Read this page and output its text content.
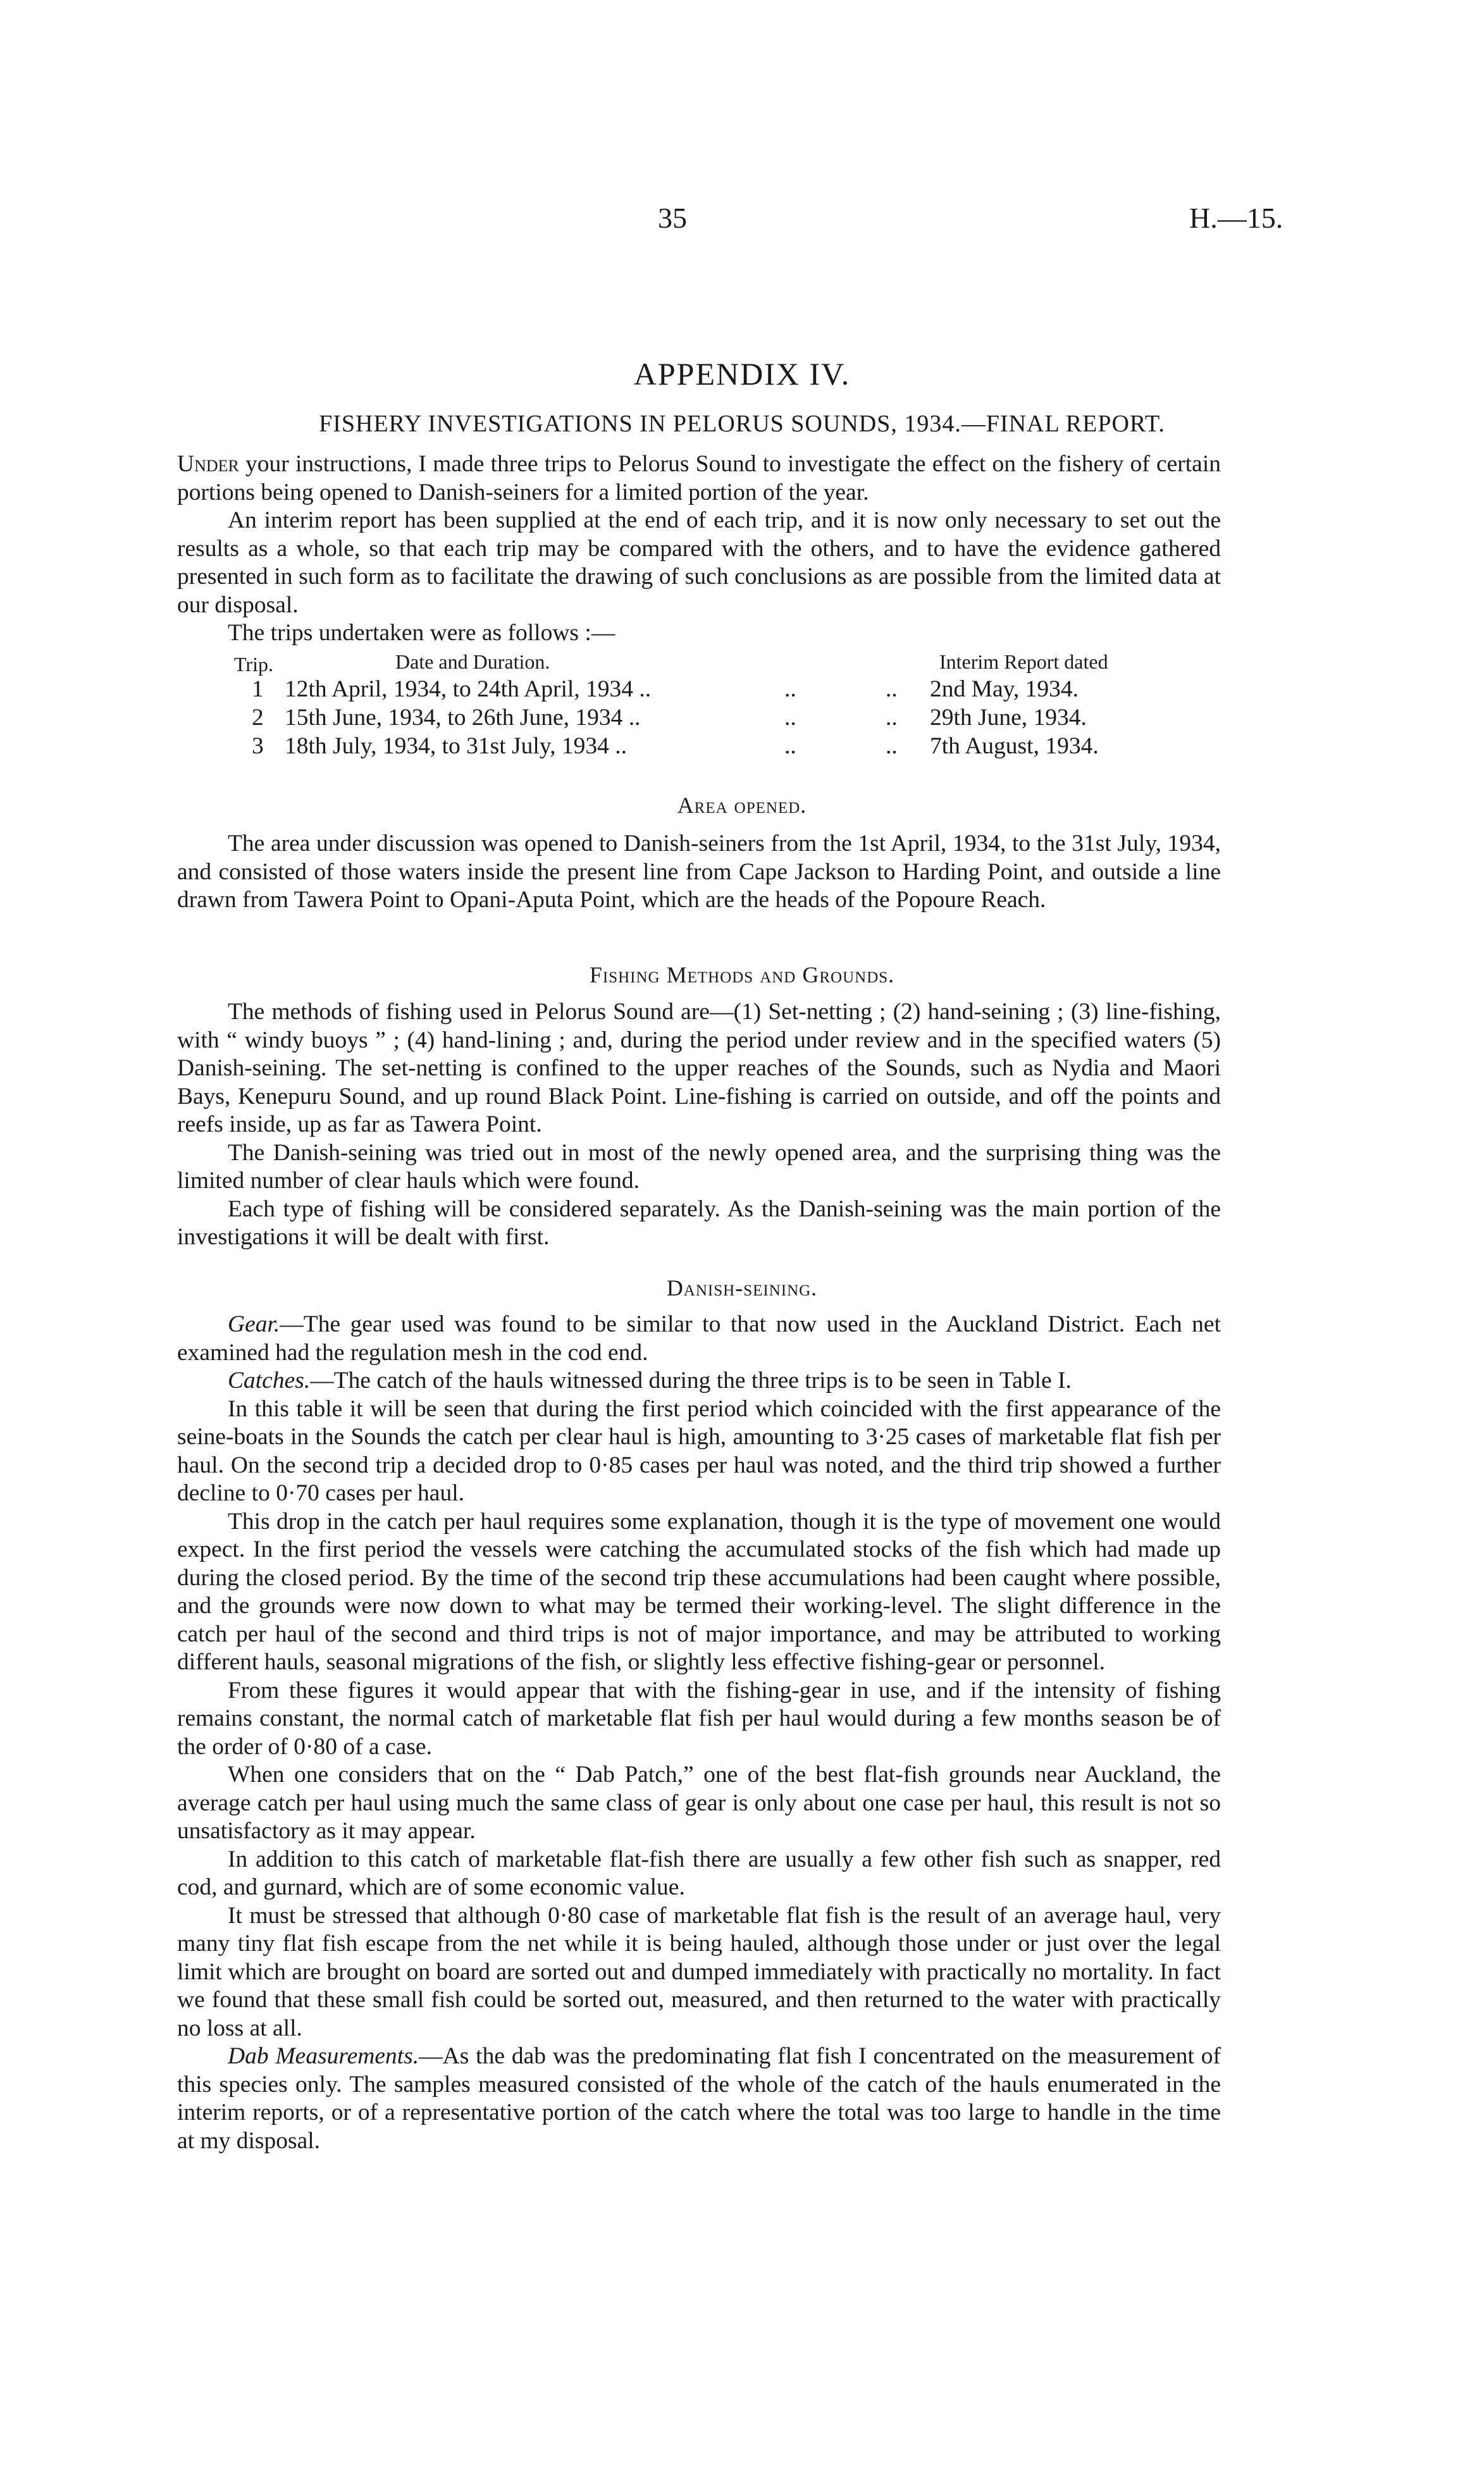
35	H.—15.
APPENDIX IV.
FISHERY INVESTIGATIONS IN PELORUS SOUNDS, 1934.—FINAL REPORT.

Under your instructions, I made three trips to Pelorus Sound to investigate the effect on the fishery of certain portions being opened to Danish-seiners for a limited portion of the year.

An interim report has been supplied at the end of each trip, and it is now only necessary to set out the results as a whole, so that each trip may be compared with the others, and to have the evidence gathered presented in such form as to facilitate the drawing of such conclusions as are possible from the limited data at our disposal.

The trips undertaken were as follows :—

Trip.	Date and Duration.	Interim Report dated
1 12th April, 1934, to 24th April, 1934 ..	..	.. 2nd May, 1934.
2 15th June, 1934, to 26th June, 1934 ..	..	.. 29th June, 1934.
3 18th July, 1934, to 31st July, 1934 ..	..	.. 7th August, 1934.
Area opened.

The area under discussion was opened to Danish-seiners from the 1st April, 1934, to the 31st July, 1934, and consisted of those waters inside the present line from Cape Jackson to Harding Point, and outside a line drawn from Tawera Point to Opani-Aputa Point, which are the heads of the Popoure Reach.

Fishing Methods and Grounds.

The methods of fishing used in Pelorus Sound are—(1) Set-netting ; (2) hand-seining ; (3) line-fishing, with “ windy buoys ” ; (4) hand-lining ; and, during the period under review and in the specified waters (5) Danish-seining. The set-netting is confined to the upper reaches of the Sounds, such as Nydia and Maori Bays, Kenepuru Sound, and up round Black Point. Line-fishing is carried on outside, and off the points and reefs inside, up as far as Tawera Point.

The Danish-seining was tried out in most of the newly opened area, and the surprising thing was the limited number of clear hauls which were found.

Each type of fishing will be considered separately. As the Danish-seining was the main portion of the investigations it will be dealt with first.

Danish-seining.

Gear.—The gear used was found to be similar to that now used in the Auckland District. Each net examined had the regulation mesh in the cod end.

Catches.—The catch of the hauls witnessed during the three trips is to be seen in Table I.

In this table it will be seen that during the first period which coincided with the first appearance of the seine-boats in the Sounds the catch per clear haul is high, amounting to 3·25 cases of marketable flat fish per haul. On the second trip a decided drop to 0·85 cases per haul was noted, and the third trip showed a further decline to 0·70 cases per haul.

This drop in the catch per haul requires some explanation, though it is the type of movement one would expect. In the first period the vessels were catching the accumulated stocks of the fish which had made up during the closed period. By the time of the second trip these accumulations had been caught where possible, and the grounds were now down to what may be termed their working-level. The slight difference in the catch per haul of the second and third trips is not of major importance, and may be attributed to working different hauls, seasonal migrations of the fish, or slightly less effective fishing-gear or personnel.

From these figures it would appear that with the fishing-gear in use, and if the intensity of fishing remains constant, the normal catch of marketable flat fish per haul would during a few months season be of the order of 0·80 of a case.

When one considers that on the “ Dab Patch,” one of the best flat-fish grounds near Auckland, the average catch per haul using much the same class of gear is only about one case per haul, this result is not so unsatisfactory as it may appear.

In addition to this catch of marketable flat-fish there are usually a few other fish such as snapper, red cod, and gurnard, which are of some economic value.

It must be stressed that although 0·80 case of marketable flat fish is the result of an average haul, very many tiny flat fish escape from the net while it is being hauled, although those under or just over the legal limit which are brought on board are sorted out and dumped immediately with practically no mortality. In fact we found that these small fish could be sorted out, measured, and then returned to the water with practically no loss at all.

Dab Measurements.—As the dab was the predominating flat fish I concentrated on the measurement of this species only. The samples measured consisted of the whole of the catch of the hauls enumerated in the interim reports, or of a representative portion of the catch where the total was too large to handle in the time at my disposal.
